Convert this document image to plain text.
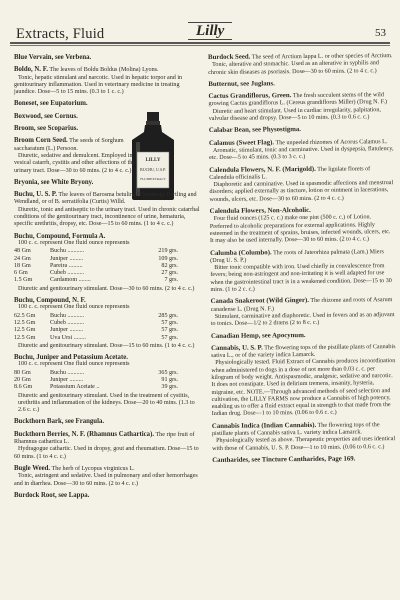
Extracts, Fluid	Lilly	53
LILLY
BUCHU, U.S.P.
FLUIDEXTRACT
Blue Vervain, see Verbena.
Boldo, N. F. The leaves of Boldu Boldus (Molina) Lyons.
Tonic, hepatic stimulant and narcotic. Used in hepatic torpor and in genitourinary inflammation. Used in veterinary medicine in treating jaundice. Dose—5 to 15 mins. (0.3 to 1 c. c.)
Boneset, see Eupatorium.
Boxwood, see Cornus.
Broom, see Scoparius.
Broom Corn Seed. The seeds of Sorghum saccharatum (L.) Persoon.
Diuretic, sedative and demulcent. Employed in vesical catarrh, cystitis and other affections of the urinary tract. Dose—30 to 60 mins. (2 to 4 c. c.)
Bryonia, see White Bryony.
Buchu, U. S. P. The leaves of Barosma betulina (Thunberg) Bartling and Wendland, or of B. serratifolia (Curtis) Willd.
Diuretic, tonic and antiseptic to the urinary tract. Used in chronic catarrhal conditions of the genitourinary tract, incontinence of urine, hematuria, specific urethritis, dropsy, etc. Dose—15 to 60 mins. (1 to 4 c. c.)
Buchu, Compound, Formula A.
100 c. c. represent One fluid ounce represents
48 Gm	Buchu ...........	219 grs.
24 Gm	Juniper .........	109 grs.
18 Gm	Pareira .........	82 grs.
6 Gm	Cubeb ...........	27 grs.
1.5 Gm	Cardamom ........	7 grs.
Diuretic and genitourinary stimulant. Dose—30 to 60 mins. (2 to 4 c. c.)
Buchu, Compound, N. F.
100 c. c. represent One fluid ounce represents
62.5 Gm	Buchu ...........	285 grs.
12.5 Gm	Cubeb ...........	57 grs.
12.5 Gm	Juniper .........	57 grs.
12.5 Gm	Uva Ursi ........	57 grs.
Diuretic and genitourinary stimulant. Dose—15 to 60 mins. (1 to 4 c. c.)
Buchu, Juniper and Potassium Acetate.
100 c. c. represent One fluid ounce represents
80 Gm	Buchu ...........	365 grs.
20 Gm	Juniper .........	91 grs.
8.6 Gm	Potassium Acetate ..	39 grs.
Diuretic and genitourinary stimulant. Used in the treatment of cystitis, urethritis and inflammation of the kidneys. Dose—20 to 40 mins. (1.3 to 2.6 c. c.)
Buckthorn Bark, see Frangula.
Buckthorn Berries, N. F. (Rhamnus Cathartica). The ripe fruit of Rhamnus cathartica L.
Hydragogue cathartic. Used in dropsy, gout and rheumatism. Dose—15 to 60 mins. (1 to 4 c. c.)
Bugle Weed. The herb of Lycopus virginicus L.
Tonic, astringent and sedative. Used in pulmonary and other hemorrhages and in diarrhea. Dose—30 to 60 mins. (2 to 4 c. c.)
Burdock Root, see Lappa.
Burdock Seed. The seed of Arctium lappa L. or other species of Arctium.
Tonic, alterative and stomachic. Used as an alterative in syphilis and chronic skin diseases as psoriasis. Dose—30 to 60 mins. (2 to 4 c. c.)
Butternut, see Juglans.
Cactus Grandiflorus, Green. The fresh succulent stems of the wild growing Cactus grandiflorus L. (Cereus grandiflorus Miller) (Drug N. F.)
Diuretic and heart stimulant. Used in cardiac irregularity, palpitation, valvular disease and dropsy. Dose—5 to 10 mins. (0.3 to 0.6 c. c.)
Calabar Bean, see Physostigma.
Calamus (Sweet Flag). The unpeeled rhizomes of Acorus Calamus L.
Aromatic, stimulant, tonic and carminative. Used in dyspepsia, flatulency, etc. Dose—5 to 45 mins. (0.3 to 3 c. c.)
Calendula Flowers, N. F. (Marigold). The ligulate florets of Calendula officinalis L.
Diaphoretic and carminative. Used in spasmodic affections and menstrual disorders; applied externally as tincture, lotion or ointment in lacerations, wounds, ulcers, etc. Dose—30 to 60 mins. (2 to 4 c. c.)
Calendula Flowers, Non-Alcoholic.
Four fluid ounces (125 c. c.) make one pint (500 c. c.) of Lotion. Preferred to alcoholic preparations for external applications. Highly esteemed in the treatment of sprains, bruises, infected wounds, ulcers, etc. It may also be used internally. Dose—30 to 60 mins. (2 to 4 c. c.)
Calumba (Columbo). The roots of Jateorhiza palmata (Lam.) Miers (Drug U. S. P.)
Bitter tonic compatible with iron. Used chiefly in convalescence from fevers; being non-astringent and non-irritating it is well adapted for use when the gastrointestinal tract is in a weakened condition. Dose—15 to 30 mins. (1 to 2 c. c.)
Canada Snakeroot (Wild Ginger). The rhizome and roots of Asarum canadense L. (Drug N. F.)
Stimulant, carminative and diaphoretic. Used in fevers and as an adjuvant to tonics. Dose—1/2 to 2 drams (2 to 8 c. c.)
Canadian Hemp, see Apocynum.
Cannabis, U. S. P. The flowering tops of the pistillate plants of Cannabis sativa L., or of the variety indica Lamarck.
Physiologically tested. Fluid Extract of Cannabis produces incoordination when administered to dogs in a dose of not more than 0.03 c. c. per kilogram of body weight. Antispasmodic, analgesic, sedative and narcotic. It does not constipate. Used in delirium tremens, insanity, hysteria, migraine, etc. NOTE.—Through advanced methods of seed selection and cultivation, the LILLY FARMS now produce a Cannabis of high potency, enabling us to offer a fluid extract equal in strength to that made from the Indian drug. Dose—1 to 10 mins. (0.06 to 0.6 c. c.)
Cannabis Indica (Indian Cannabis). The flowering tops of the pistillate plants of Cannabis sativa L. variety indica Lamarck.
Physiologically tested as above. Therapeutic properties and uses identical with those of Cannabis, U. S. P. Dose—1 to 10 mins. (0.06 to 0.6 c. c.)
Cantharides, see Tincture Cantharides, Page 169.
